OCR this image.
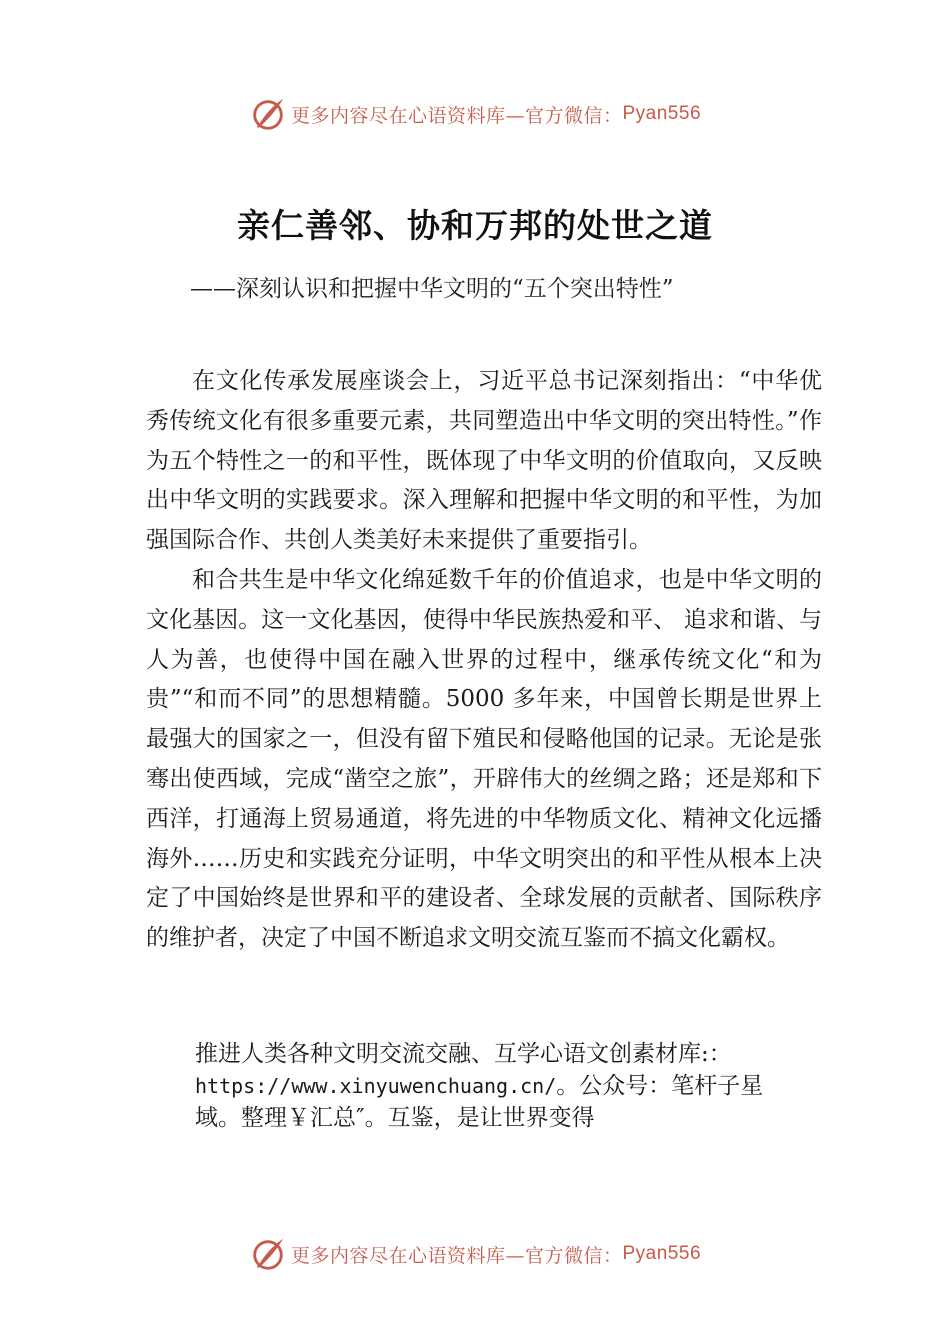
更多内容尽在心语资料库—官方微信： Pyan556
亲仁善邻、协和万邦的处世之道
——深刻认识和把握中华文明的“五个突出特性”

在文化传承发展座谈会上，习近平总书记深刻指出：“中华优秀传统文化有很多重要元素，共同塑造出中华文明的突出特性。”作为五个特性之一的和平性，既体现了中华文明的价值取向，又反映出中华文明的实践要求。深入理解和把握中华文明的和平性，为加强国际合作、共创人类美好未来提供了重要指引。

和合共生是中华文化绵延数千年的价值追求，也是中华文明的文化基因。这一文化基因，使得中华民族热爱和平、 追求和谐、与人为善，也使得中国在融入世界的过程中，继承传统文化“和为贵”“和而不同”的思想精髓。5000 多年来，中国曾长期是世界上最强大的国家之一，但没有留下殖民和侵略他国的记录。无论是张骞出使西域，完成“凿空之旅”，开辟伟大的丝绸之路；还是郑和下西洋，打通海上贸易通道，将先进的中华物质文化、精神文化远播海外……历史和实践充分证明，中华文明突出的和平性从根本上决定了中国始终是世界和平的建设者、全球发展的贡献者、国际秩序的维护者，决定了中国不断追求文明交流互鉴而不搞文化霸权。

推进人类各种文明交流交融、互学心语文创素材库:：
https://www.xinyuwenchuang.cn/。公众号：笔杆子星
域。整理￥汇总″。互鉴，是让世界变得
更多内容尽在心语资料库—官方微信： Pyan556
